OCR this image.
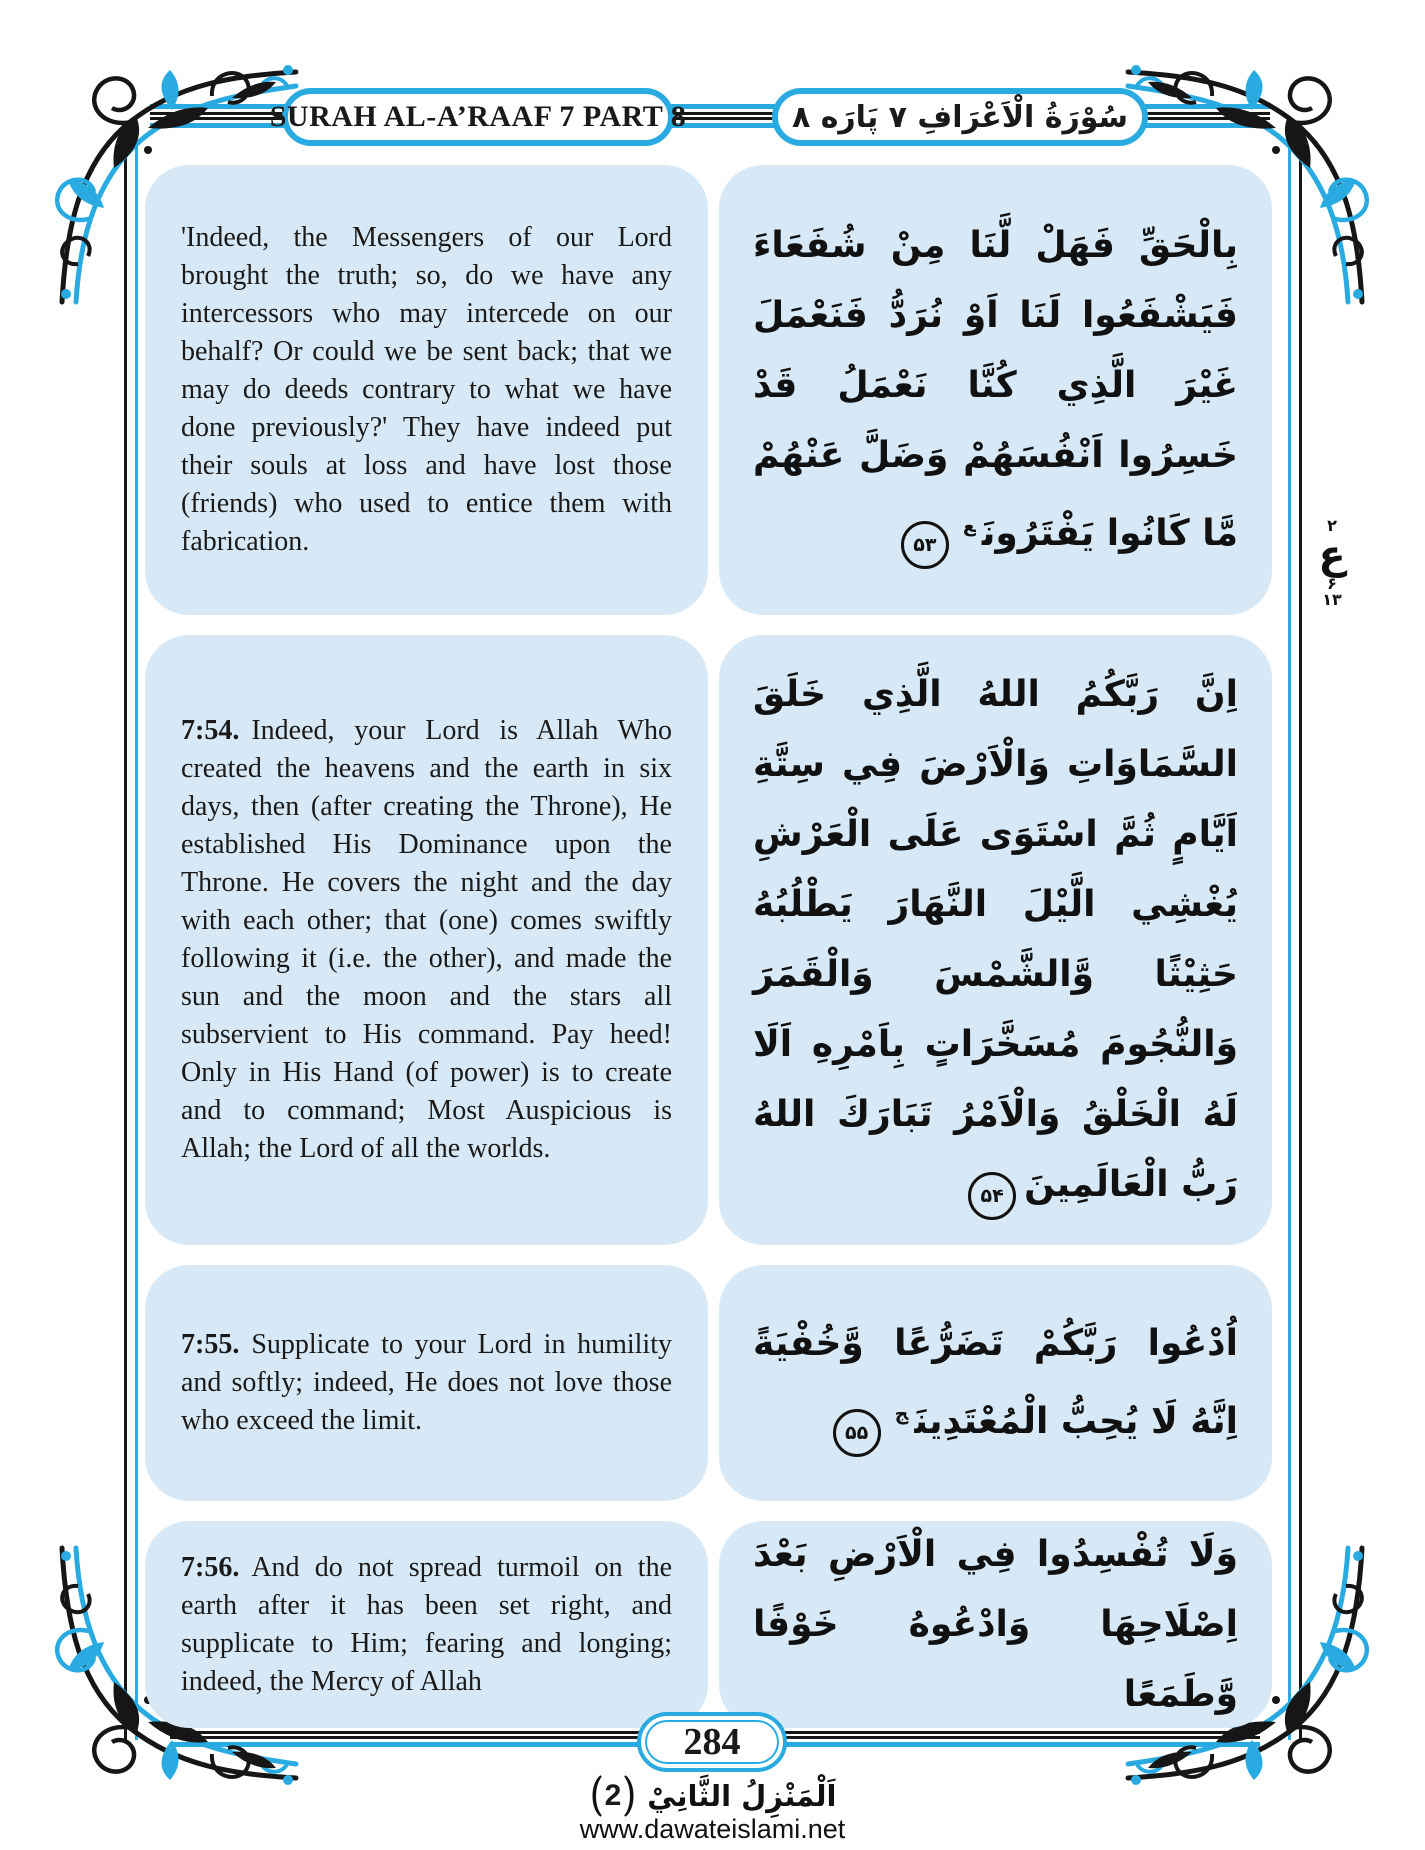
SURAH AL-A’RAAF 7 PART 8	سُوْرَةُ الْاَعْرَافِ ٧ پَارَه ٨

'Indeed, the Messengers of our Lord brought the truth; so, do we have any intercessors who may intercede on our behalf? Or could we be sent back; that we may do deeds contrary to what we have done previously?' They have indeed put their souls at loss and have lost those (friends) who used to entice them with fabrication.

بِالْحَقِّ فَهَلْ لَّنَا مِنْ شُفَعَاءَ فَيَشْفَعُوا لَنَا اَوْ نُرَدُّ فَنَعْمَلَ غَيْرَ الَّذِي كُنَّا نَعْمَلُ قَدْ خَسِرُوا اَنْفُسَهُمْ وَضَلَّ عَنْهُمْ مَّا كَانُوا يَفْتَرُونَ$^ع$۵۳

7:54. Indeed, your Lord is Allah Who created the heavens and the earth in six days, then (after creating the Throne), He established His Dominance upon the Throne. He covers the night and the day with each other; that (one) comes swiftly following it (i.e. the other), and made the sun and the moon and the stars all subservient to His command. Pay heed! Only in His Hand (of power) is to create and to command; Most Auspicious is Allah; the Lord of all the worlds.

اِنَّ رَبَّكُمُ اللهُ الَّذِي خَلَقَ السَّمَاوَاتِ وَالْاَرْضَ فِي سِتَّةِ اَيَّامٍ ثُمَّ اسْتَوَى عَلَى الْعَرْشِ يُغْشِي الَّيْلَ النَّهَارَ يَطْلُبُهُ حَثِيْثًا وَّالشَّمْسَ وَالْقَمَرَ وَالنُّجُومَ مُسَخَّرَاتٍ بِاَمْرِهِ اَلَا لَهُ الْخَلْقُ وَالْاَمْرُ تَبَارَكَ اللهُ رَبُّ الْعَالَمِينَ۵۴

7:55. Supplicate to your Lord in humility and softly; indeed, He does not love those who exceed the limit.

اُدْعُوا رَبَّكُمْ تَضَرُّعًا وَّخُفْيَةً اِنَّهُ لَا يُحِبُّ الْمُعْتَدِينَ$^ج$۵۵

7:56. And do not spread turmoil on the earth after it has been set right, and supplicate to Him; fearing and longing; indeed, the Mercy of Allah

وَلَا تُفْسِدُوا فِي الْاَرْضِ بَعْدَ اِصْلَاحِهَا وَادْعُوهُ خَوْفًا وَّطَمَعًا

۲
ع
۶
۱۳
284
اَلْمَنْزِلُ الثَّانِيْ
2
www.dawateislami.net
